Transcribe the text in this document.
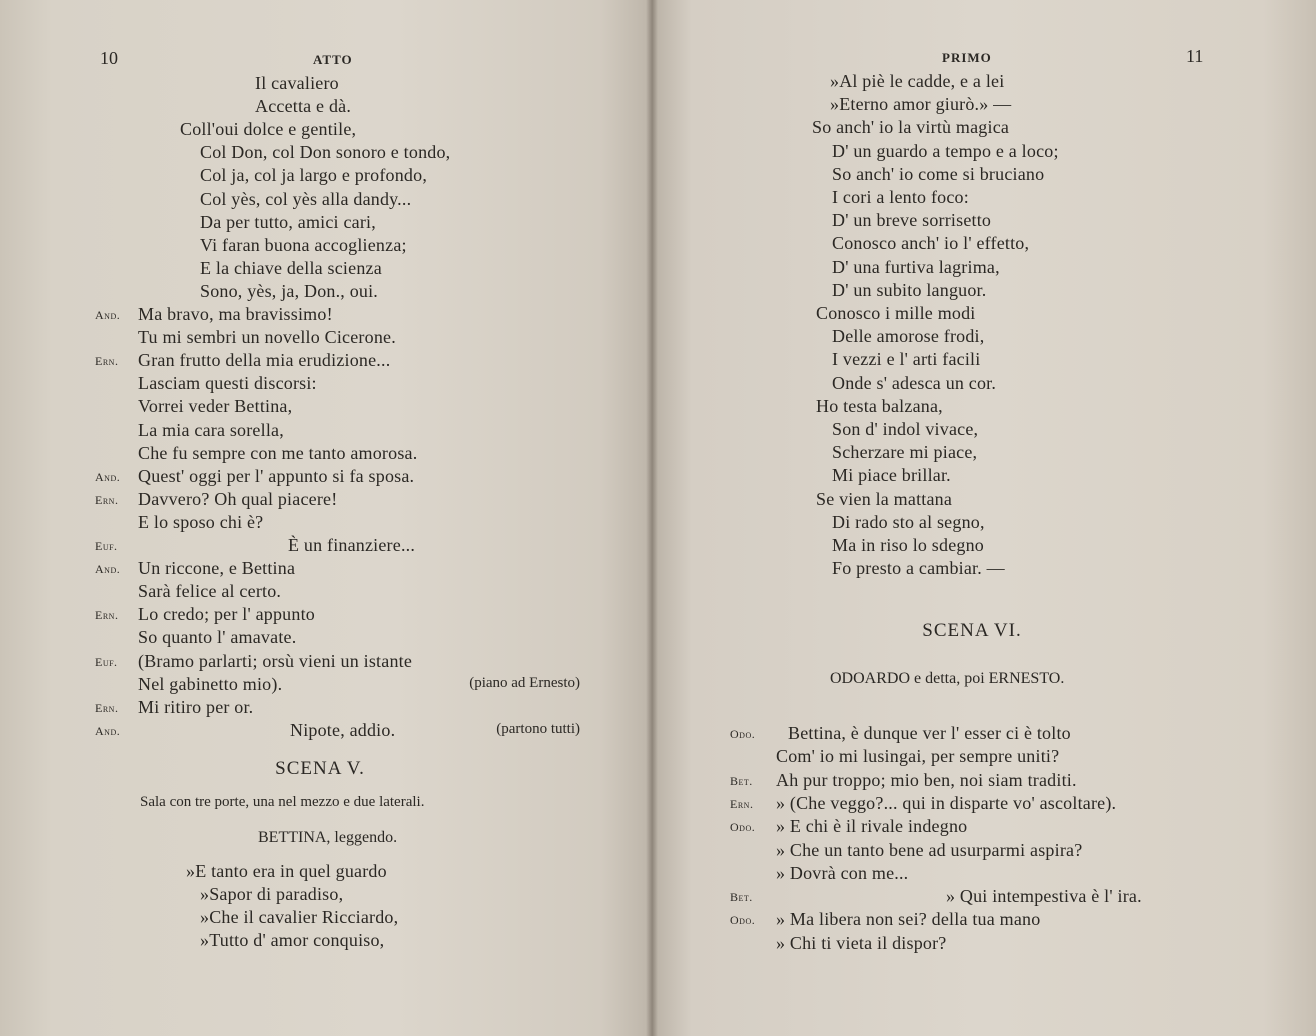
10	ATTO
Il cavaliero
Accetta e dà.
Coll'oui dolce e gentile,
Col Don, col Don sonoro e tondo,
Col ja, col ja largo e profondo,
Col yès, col yès alla dandy...
Da per tutto, amici cari,
Vi faran buona accoglienza;
E la chiave della scienza
Sono, yès, ja, Don., oui.
And. Ma bravo, ma bravissimo!
Tu mi sembri un novello Cicerone.
Ern. Gran frutto della mia erudizione...
Lasciam questi discorsi:
Vorrei veder Bettina,
La mia cara sorella,
Che fu sempre con me tanto amorosa.
And. Quest' oggi per l' appunto si fa sposa.
Ern. Davvero? Oh qual piacere!
E lo sposo chi è?
Euf.	È un finanziere...
And. Un riccone, e Bettina
Sarà felice al certo.
Ern. Lo credo; per l' appunto
So quanto l' amavate.
Euf. (Bramo parlarti; orsù vieni un istante
Nel gabinetto mio).	(piano ad Ernesto)
Ern. Mi ritiro per or.
And.	Nipote, addio.	(partono tutti)
SCENA V.
Sala con tre porte, una nel mezzo e due laterali.
BETTINA, leggendo.
»E tanto era in quel guardo
»Sapor di paradiso,
»Che il cavalier Ricciardo,
»Tutto d' amor conquiso,
PRIMO	11
»Al piè le cadde, e a lei
»Eterno amor giurò.» —
So anch' io la virtù magica
D' un guardo a tempo e a loco;
So anch' io come si bruciano
I cori a lento foco:
D' un breve sorrisetto
Conosco anch' io l' effetto,
D' una furtiva lagrima,
D' un subito languor.
Conosco i mille modi
Delle amorose frodi,
I vezzi e l' arti facili
Onde s' adesca un cor.
Ho testa balzana,
Son d' indol vivace,
Scherzare mi piace,
Mi piace brillar.
Se vien la mattana
Di rado sto al segno,
Ma in riso lo sdegno
Fo presto a cambiar. —
SCENA VI.
ODOARDO e detta, poi ERNESTO.
Odo. Bettina, è dunque ver l' esser ci è tolto
Com' io mi lusingai, per sempre uniti?
Bet. Ah pur troppo; mio ben, noi siam traditi.
Ern. » (Che veggo?... qui in disparte vo' ascoltare).
Odo. » E chi è il rivale indegno
» Che un tanto bene ad usurparmi aspira?
» Dovrà con me...
Bet.	» Qui intempestiva è l' ira.
Odo. » Ma libera non sei? della tua mano
» Chi ti vieta il dispor?
